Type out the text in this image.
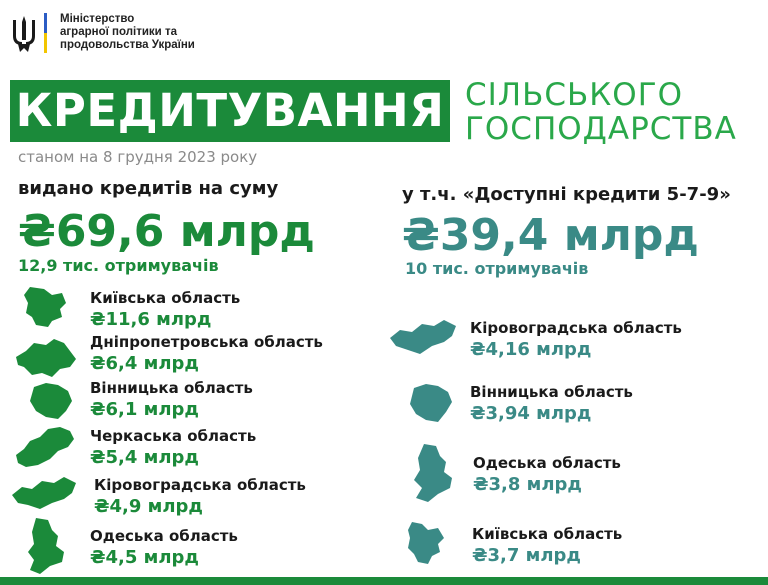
Міністерство
аграрної політики та
продовольства України
КРЕДИТУВАННЯ СІЛЬСЬКОГО
ГОСПОДАРСТВА
станом на 8 грудня 2023 року
видано кредитів на суму
₴69,6 млрд
12,9 тис. отримувачів
у т.ч. «Доступні кредити 5-7-9»
₴39,4 млрд
10 тис. отримувачів
Київська область
₴11,6 млрд
Дніпропетровська область
₴6,4 млрд
Вінницька область
₴6,1 млрд
Черкаська область
₴5,4 млрд
Кіровоградська область
₴4,9 млрд
Одеська область
₴4,5 млрд
Кіровоградська область
₴4,16 млрд
Вінницька область
₴3,94 млрд
Одеська область
₴3,8 млрд
Київська область
₴3,7 млрд
